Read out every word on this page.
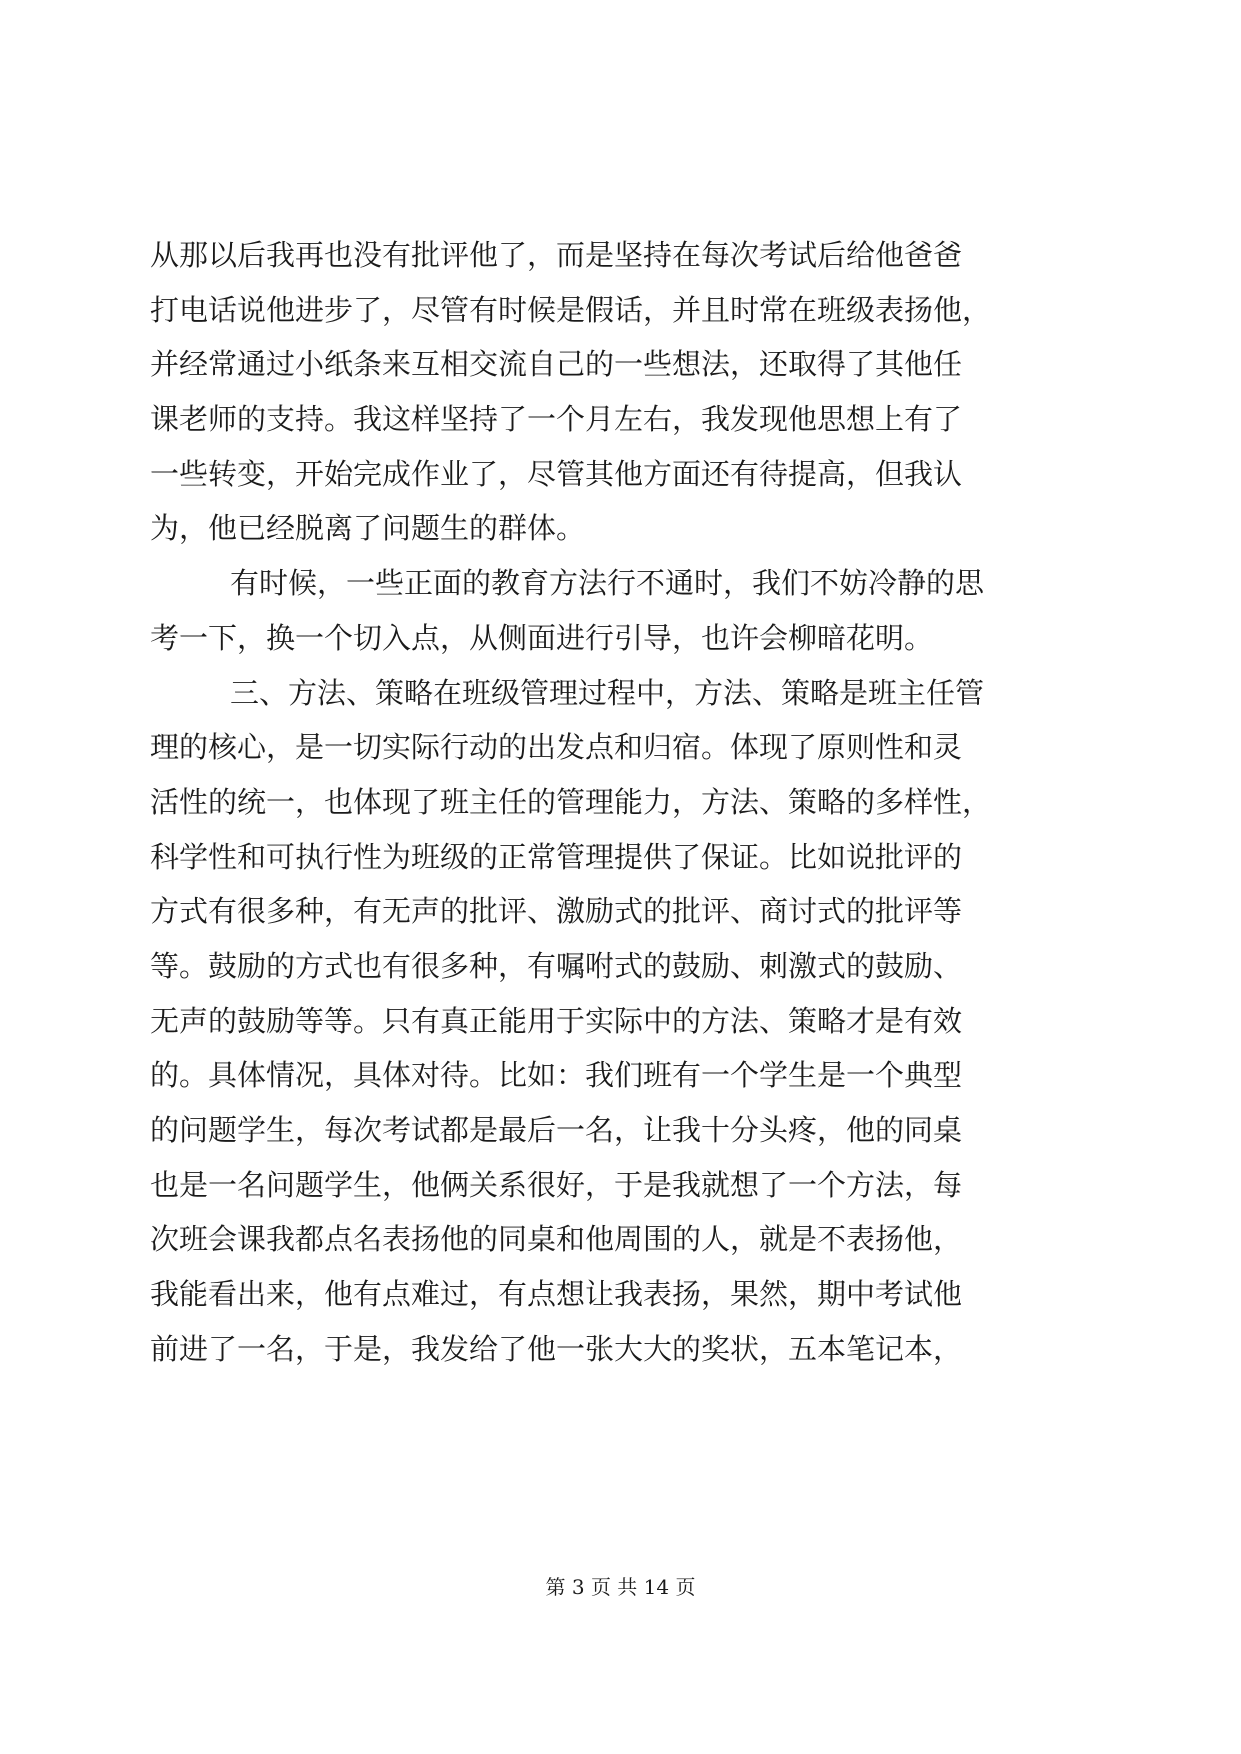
从那以后我再也没有批评他了，而是坚持在每次考试后给他爸爸
打电话说他进步了，尽管有时候是假话，并且时常在班级表扬他，
并经常通过小纸条来互相交流自己的一些想法，还取得了其他任
课老师的支持。我这样坚持了一个月左右，我发现他思想上有了
一些转变，开始完成作业了，尽管其他方面还有待提高，但我认
为，他已经脱离了问题生的群体。
有时候，一些正面的教育方法行不通时，我们不妨冷静的思
考一下，换一个切入点，从侧面进行引导，也许会柳暗花明。
三、方法、策略在班级管理过程中，方法、策略是班主任管
理的核心，是一切实际行动的出发点和归宿。体现了原则性和灵
活性的统一，也体现了班主任的管理能力，方法、策略的多样性，
科学性和可执行性为班级的正常管理提供了保证。比如说批评的
方式有很多种，有无声的批评、激励式的批评、商讨式的批评等
等。鼓励的方式也有很多种，有嘱咐式的鼓励、刺激式的鼓励、
无声的鼓励等等。只有真正能用于实际中的方法、策略才是有效
的。具体情况，具体对待。比如：我们班有一个学生是一个典型
的问题学生，每次考试都是最后一名，让我十分头疼，他的同桌
也是一名问题学生，他俩关系很好，于是我就想了一个方法，每
次班会课我都点名表扬他的同桌和他周围的人，就是不表扬他，
我能看出来，他有点难过，有点想让我表扬，果然，期中考试他
前进了一名，于是，我发给了他一张大大的奖状，五本笔记本，
第 3 页 共 14 页
